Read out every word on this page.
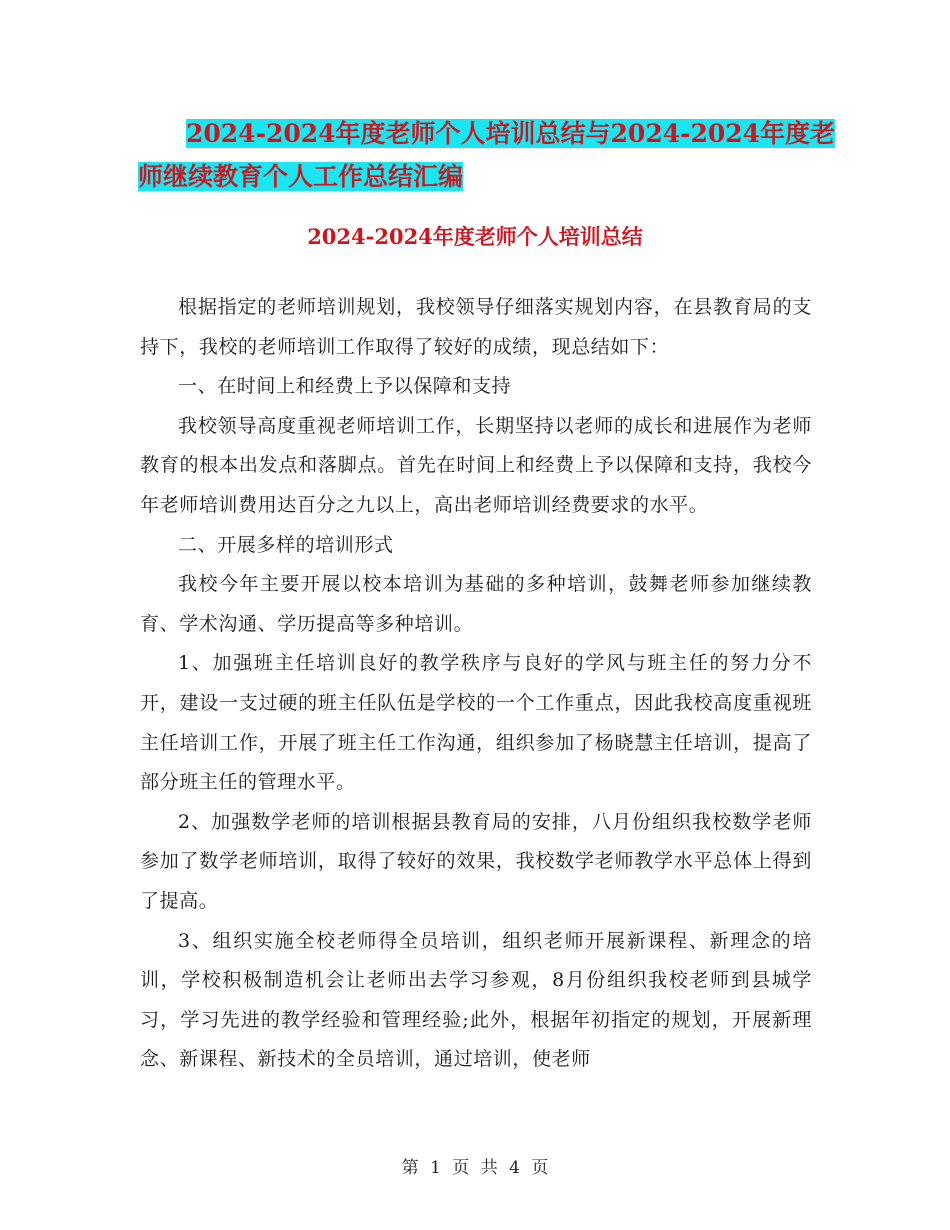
2024-2024年度老师个人培训总结与2024-2024年度老
师继续教育个人工作总结汇编
2024-2024年度老师个人培训总结

根据指定的老师培训规划，我校领导仔细落实规划内容，在县教育局的支持下，我校的老师培训工作取得了较好的成绩，现总结如下：

一、在时间上和经费上予以保障和支持

我校领导高度重视老师培训工作，长期坚持以老师的成长和进展作为老师教育的根本出发点和落脚点。首先在时间上和经费上予以保障和支持，我校今年老师培训费用达百分之九以上，高出老师培训经费要求的水平。

二、开展多样的培训形式

我校今年主要开展以校本培训为基础的多种培训，鼓舞老师参加继续教育、学术沟通、学历提高等多种培训。

1、加强班主任培训良好的教学秩序与良好的学风与班主任的努力分不开，建设一支过硬的班主任队伍是学校的一个工作重点，因此我校高度重视班主任培训工作，开展了班主任工作沟通，组织参加了杨晓慧主任培训，提高了部分班主任的管理水平。

2、加强数学老师的培训根据县教育局的安排，八月份组织我校数学老师参加了数学老师培训，取得了较好的效果，我校数学老师教学水平总体上得到了提高。

3、组织实施全校老师得全员培训，组织老师开展新课程、新理念的培训，学校积极制造机会让老师出去学习参观，8月份组织我校老师到县城学习，学习先进的教学经验和管理经验;此外，根据年初指定的规划，开展新理念、新课程、新技术的全员培训，通过培训，使老师

第 1 页 共 4 页
